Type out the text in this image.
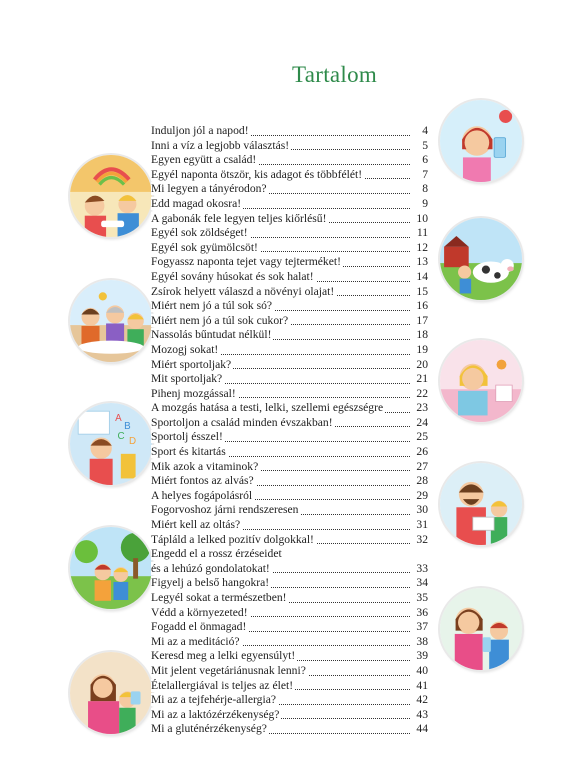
Tartalom
Induljon jól a napod!	4
Inni a víz a legjobb választás!	5
Egyen együtt a család!	6
Egyél naponta ötször, kis adagot és többfélét!	7
Mi legyen a tányérodon?	8
Edd magad okosra!	9
A gabonák fele legyen teljes kiőrlésű!	10
Egyél sok zöldséget!	11
Egyél sok gyümölcsöt!	12
Fogyassz naponta tejet vagy tejterméket!	13
Egyél sovány húsokat és sok halat!	14
Zsírok helyett válaszd a növényi olajat!	15
Miért nem jó a túl sok só?	16
Miért nem jó a túl sok cukor?	17
Nassolás bűntudat nélkül!	18
Mozogj sokat!	19
Miért sportoljak?	20
Mit sportoljak?	21
Pihenj mozgással!	22
A mozgás hatása a testi, lelki, szellemi egészségre	23
Sportoljon a család minden évszakban!	24
Sportolj ésszel!	25
Sport és kitartás	26
Mik azok a vitaminok?	27
Miért fontos az alvás?	28
A helyes fogápolásról	29
Fogorvoshoz járni rendszeresen	30
Miért kell az oltás?	31
Tápláld a lelked pozitív dolgokkal!	32
Engedd el a rossz érzéseidet
és a lehúzó gondolatokat!	33
Figyelj a belső hangokra!	34
Legyél sokat a természetben!	35
Védd a környezeted!	36
Fogadd el önmagad!	37
Mi az a meditáció?	38
Keresd meg a lelki egyensúlyt!	39
Mit jelent vegetáriánusnak lenni?	40
Ételallergiával is teljes az élet!	41
Mi az a tejfehérje-allergia?	42
Mi az a laktózérzékenység?	43
Mi a gluténérzékenység?	44
A
B
C D
